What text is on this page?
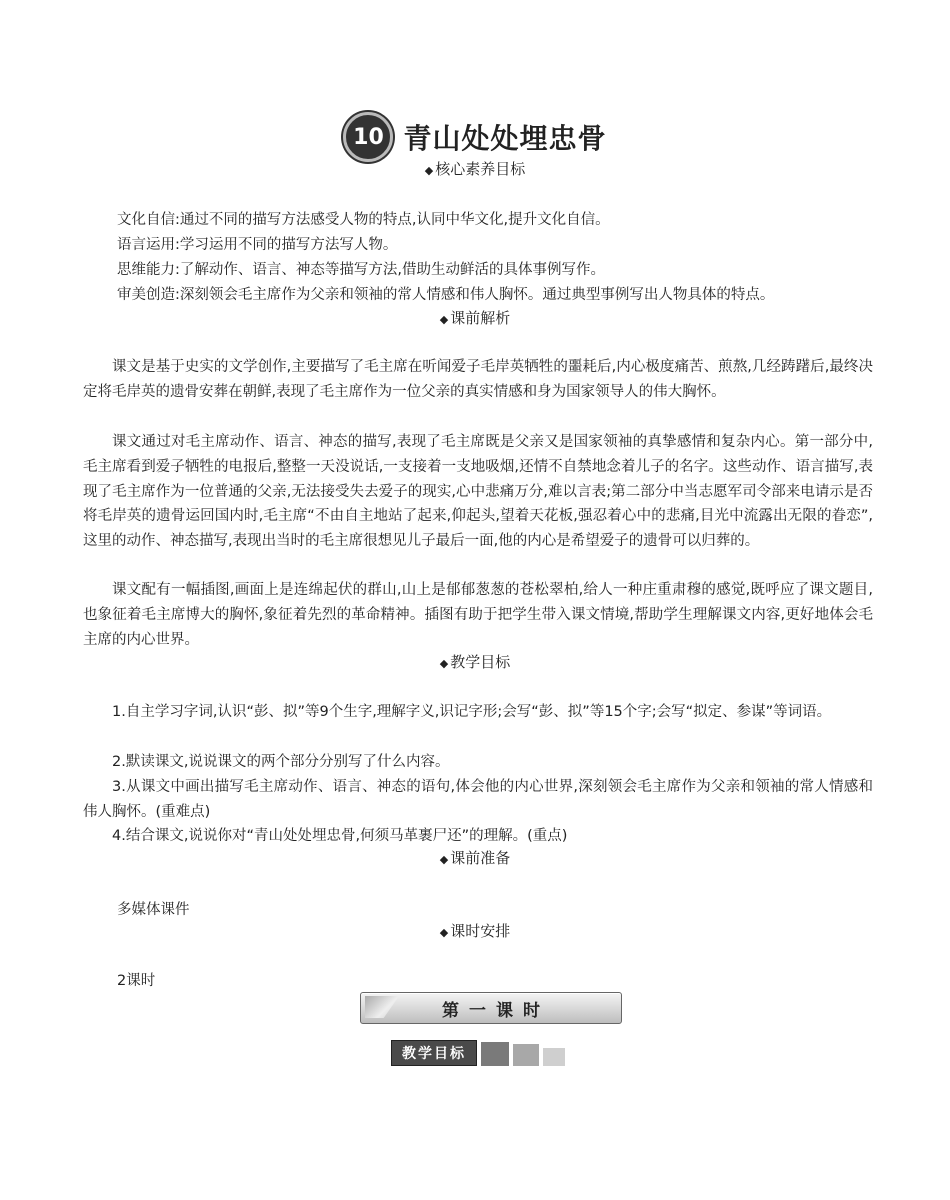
10 青山处处埋忠骨
◆ 核心素养目标
文化自信:通过不同的描写方法感受人物的特点,认同中华文化,提升文化自信。
语言运用:学习运用不同的描写方法写人物。
思维能力:了解动作、语言、神态等描写方法,借助生动鲜活的具体事例写作。
审美创造:深刻领会毛主席作为父亲和领袖的常人情感和伟人胸怀。通过典型事例写出人物具体的特点。
◆ 课前解析
课文是基于史实的文学创作,主要描写了毛主席在听闻爱子毛岸英牺牲的噩耗后,内心极度痛苦、煎熬,几经踌躇后,最终决定将毛岸英的遗骨安葬在朝鲜,表现了毛主席作为一位父亲的真实情感和身为国家领导人的伟大胸怀。
课文通过对毛主席动作、语言、神态的描写,表现了毛主席既是父亲又是国家领袖的真挚感情和复杂内心。第一部分中,毛主席看到爱子牺牲的电报后,整整一天没说话,一支接着一支地吸烟,还情不自禁地念着儿子的名字。这些动作、语言描写,表现了毛主席作为一位普通的父亲,无法接受失去爱子的现实,心中悲痛万分,难以言表;第二部分中当志愿军司令部来电请示是否将毛岸英的遗骨运回国内时,毛主席“不由自主地站了起来,仰起头,望着天花板,强忍着心中的悲痛,目光中流露出无限的眷恋”,这里的动作、神态描写,表现出当时的毛主席很想见儿子最后一面,他的内心是希望爱子的遗骨可以归葬的。
课文配有一幅插图,画面上是连绵起伏的群山,山上是郁郁葱葱的苍松翠柏,给人一种庄重肃穆的感觉,既呼应了课文题目,也象征着毛主席博大的胸怀,象征着先烈的革命精神。插图有助于把学生带入课文情境,帮助学生理解课文内容,更好地体会毛主席的内心世界。
◆ 教学目标
1.自主学习字词,认识“彭、拟”等9个生字,理解字义,识记字形;会写“彭、拟”等15个字;会写“拟定、参谋”等词语。
2.默读课文,说说课文的两个部分分别写了什么内容。
3.从课文中画出描写毛主席动作、语言、神态的语句,体会他的内心世界,深刻领会毛主席作为父亲和领袖的常人情感和伟人胸怀。(重难点)
4.结合课文,说说你对“青山处处埋忠骨,何须马革裹尸还”的理解。(重点)
◆ 课前准备
多媒体课件
◆ 课时安排
2课时
第一课时
教学目标
